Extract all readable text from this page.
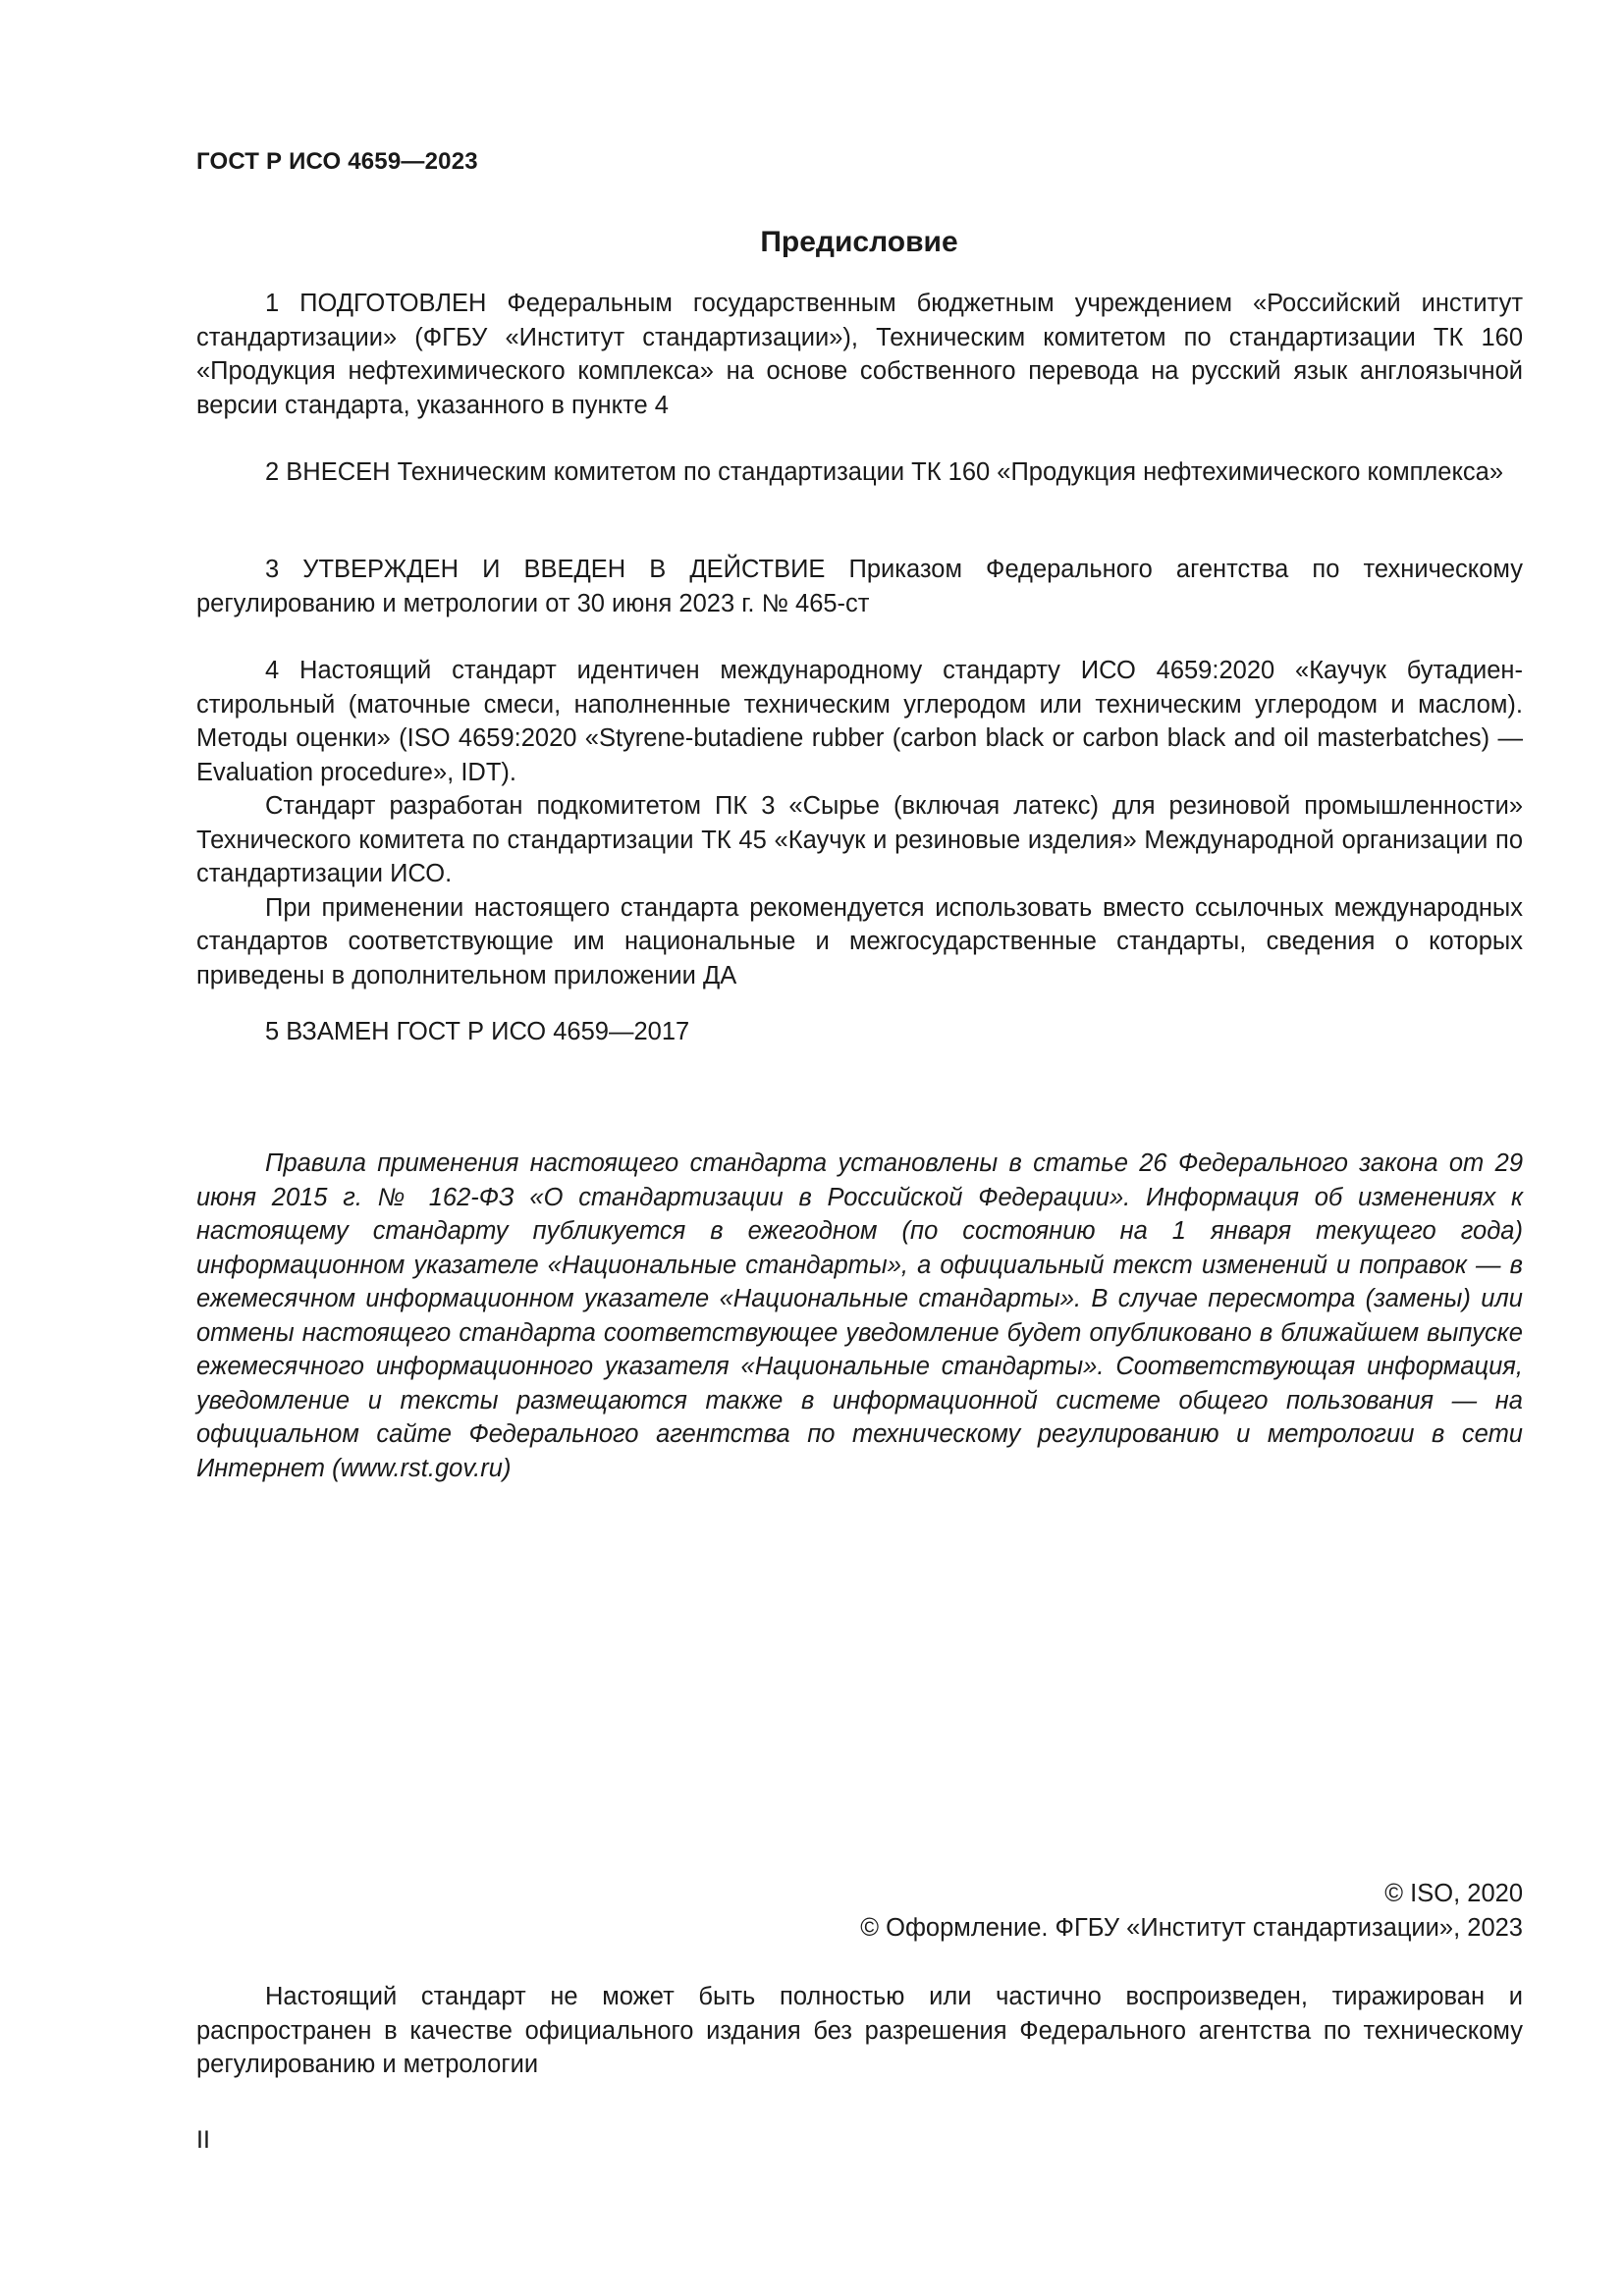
ГОСТ Р ИСО 4659—2023
Предисловие

1 ПОДГОТОВЛЕН Федеральным государственным бюджетным учреждением «Российский институт стандартизации» (ФГБУ «Институт стандартизации»), Техническим комитетом по стандартизации ТК 160 «Продукция нефтехимического комплекса» на основе собственного перевода на русский язык англоязычной версии стандарта, указанного в пункте 4

2 ВНЕСЕН Техническим комитетом по стандартизации ТК 160 «Продукция нефтехимического комплекса»

3 УТВЕРЖДЕН И ВВЕДЕН В ДЕЙСТВИЕ Приказом Федерального агентства по техническому регулированию и метрологии от 30 июня 2023 г. № 465-ст

4 Настоящий стандарт идентичен международному стандарту ИСО 4659:2020 «Каучук бутадиен-стирольный (маточные смеси, наполненные техническим углеродом или техническим углеродом и маслом). Методы оценки» (ISO 4659:2020 «Styrene-butadiene rubber (carbon black or carbon black and oil masterbatches) — Evaluation procedure», IDT).

Стандарт разработан подкомитетом ПК 3 «Сырье (включая латекс) для резиновой промышленности» Технического комитета по стандартизации ТК 45 «Каучук и резиновые изделия» Международной организации по стандартизации ИСО.

При применении настоящего стандарта рекомендуется использовать вместо ссылочных международных стандартов соответствующие им национальные и межгосударственные стандарты, сведения о которых приведены в дополнительном приложении ДА

5 ВЗАМЕН ГОСТ Р ИСО 4659—2017

Правила применения настоящего стандарта установлены в статье 26 Федерального закона от 29 июня 2015 г. № 162-ФЗ «О стандартизации в Российской Федерации». Информация об изменениях к настоящему стандарту публикуется в ежегодном (по состоянию на 1 января текущего года) информационном указателе «Национальные стандарты», а официальный текст изменений и поправок — в ежемесячном информационном указателе «Национальные стандарты». В случае пересмотра (замены) или отмены настоящего стандарта соответствующее уведомление будет опубликовано в ближайшем выпуске ежемесячного информационного указателя «Национальные стандарты». Соответствующая информация, уведомление и тексты размещаются также в информационной системе общего пользования — на официальном сайте Федерального агентства по техническому регулированию и метрологии в сети Интернет (www.rst.gov.ru)

© ISO, 2020
© Оформление. ФГБУ «Институт стандартизации», 2023

Настоящий стандарт не может быть полностью или частично воспроизведен, тиражирован и распространен в качестве официального издания без разрешения Федерального агентства по техническому регулированию и метрологии

II
